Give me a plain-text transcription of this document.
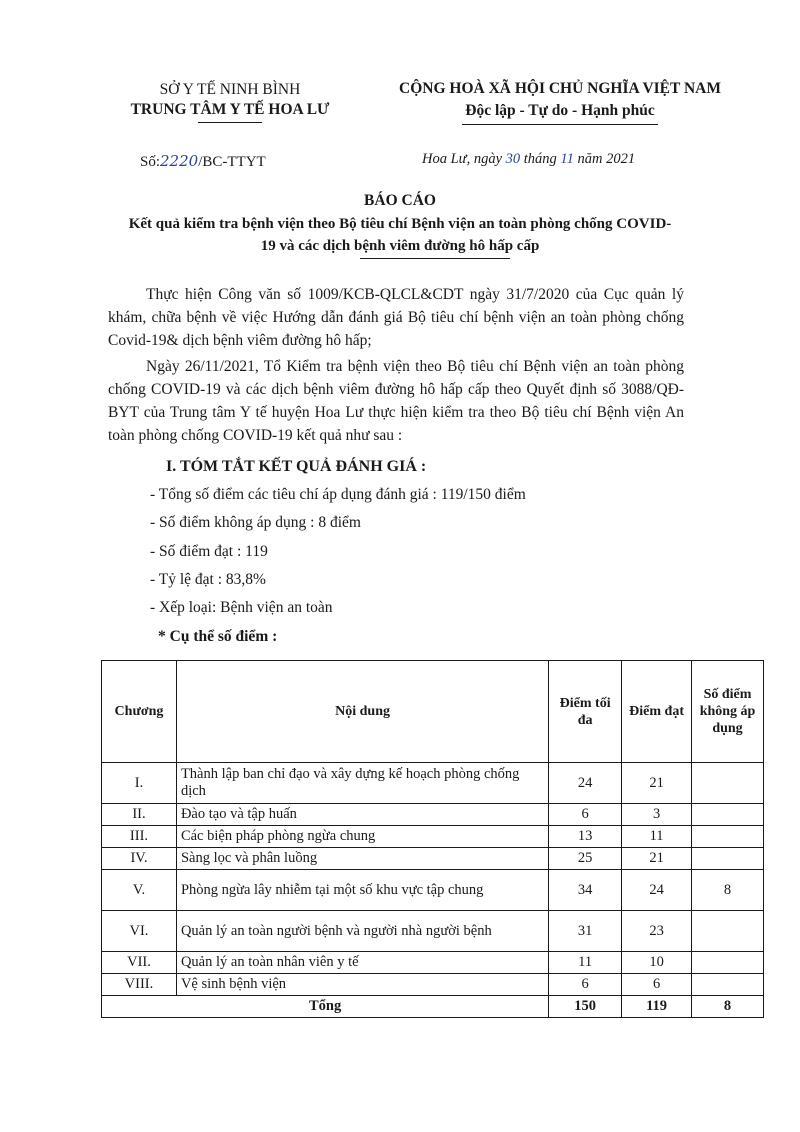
SỞ Y TẾ NINH BÌNH
TRUNG TÂM Y TẾ HOA LƯ
CỘNG HOÀ XÃ HỘI CHỦ NGHĨA VIỆT NAM
Độc lập - Tự do - Hạnh phúc
Số:2220/BC-TTYT	Hoa Lư, ngày 30 tháng 11 năm 2021
BÁO CÁO
Kết quả kiểm tra bệnh viện theo Bộ tiêu chí Bệnh viện an toàn phòng chống COVID-
19 và các dịch bệnh viêm đường hô hấp cấp

Thực hiện Công văn số 1009/KCB-QLCL&CDT ngày 31/7/2020 của Cục quản lý khám, chữa bệnh về việc Hướng dẫn đánh giá Bộ tiêu chí bệnh viện an toàn phòng chống Covid-19& dịch bệnh viêm đường hô hấp;

Ngày 26/11/2021, Tổ Kiểm tra bệnh viện theo Bộ tiêu chí Bệnh viện an toàn phòng chống COVID-19 và các dịch bệnh viêm đường hô hấp cấp theo Quyết định số 3088/QĐ-BYT của Trung tâm Y tế huyện Hoa Lư thực hiện kiểm tra theo Bộ tiêu chí Bệnh viện An toàn phòng chống COVID-19 kết quả như sau :

I. TÓM TẮT KẾT QUẢ ĐÁNH GIÁ :
- Tổng số điểm các tiêu chí áp dụng đánh giá : 119/150 điểm
- Số điểm không áp dụng : 8 điểm
- Số điểm đạt : 119
- Tỷ lệ đạt : 83,8%
- Xếp loại: Bệnh viện an toàn
* Cụ thể số điểm :
Chương	Nội dung	Điểm tối đa	Điểm đạt	Số điểm không áp dụng
I.	Thành lập ban chỉ đạo và xây dựng kế hoạch phòng chống dịch	24	21	
II.	Đào tạo và tập huấn	6	3	
III.	Các biện pháp phòng ngừa chung	13	11	
IV.	Sàng lọc và phân luồng	25	21	
V.	Phòng ngừa lây nhiễm tại một số khu vực tập chung	34	24	8
VI.	Quản lý an toàn người bệnh và người nhà người bệnh	31	23	
VII.	Quản lý an toàn nhân viên y tế	11	10	
VIII.	Vệ sinh bệnh viện	6	6	
Tổng		150	119	8
